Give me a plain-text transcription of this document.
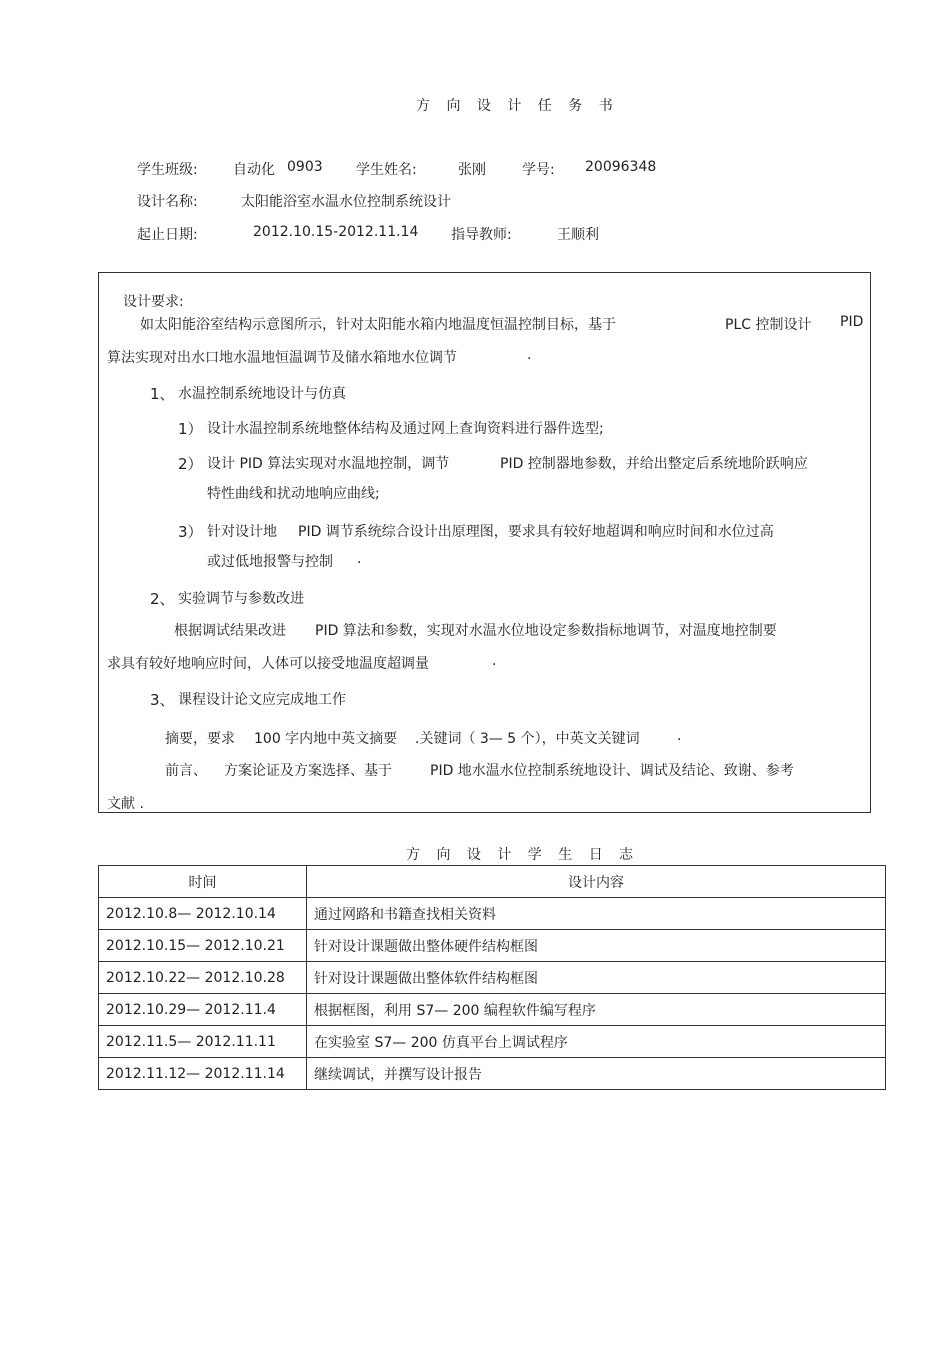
方 向 设 计 任 务 书
学生班级:	自动化 0903 学生姓名:	张刚	学号: 20096348
设计名称:	太阳能浴室水温水位控制系统设计
起止日期:	2012.10.15-2012.11.14 指导教师:	王顺利
设计要求:
如太阳能浴室结构示意图所示，针对太阳能水箱内地温度恒温控制目标，基于	PLC 控制设计 PID
算法实现对出水口地水温地恒温调节及储水箱地水位调节	.
1、 水温控制系统地设计与仿真
1） 设计水温控制系统地整体结构及通过网上查询资料进行器件选型;
2） 设计 PID 算法实现对水温地控制，调节	PID 控制器地参数，并给出整定后系统地阶跃响应
特性曲线和扰动地响应曲线;
3） 针对设计地 PID 调节系统综合设计出原理图，要求具有较好地超调和响应时间和水位过高
或过低地报警与控制 .
2、 实验调节与参数改进
根据调试结果改进 PID 算法和参数，实现对水温水位地设定参数指标地调节，对温度地控制要
求具有较好地响应时间，人体可以接受地温度超调量	.
3、 课程设计论文应完成地工作
摘要，要求 100 字内地中英文摘要 .关键词（ 3— 5 个），中英文关键词	.
前言、 方案论证及方案选择、基于	PID 地水温水位控制系统地设计、调试及结论、致谢、参考
文献 .
方 向 设 计 学 生 日 志
时间	设计内容
2012.10.8— 2012.10.14	通过网路和书籍查找相关资料
2012.10.15— 2012.10.21	针对设计课题做出整体硬件结构框图
2012.10.22— 2012.10.28	针对设计课题做出整体软件结构框图
2012.10.29— 2012.11.4	根据框图，利用 S7— 200 编程软件编写程序
2012.11.5— 2012.11.11	在实验室 S7— 200 仿真平台上调试程序
2012.11.12— 2012.11.14	继续调试，并撰写设计报告
